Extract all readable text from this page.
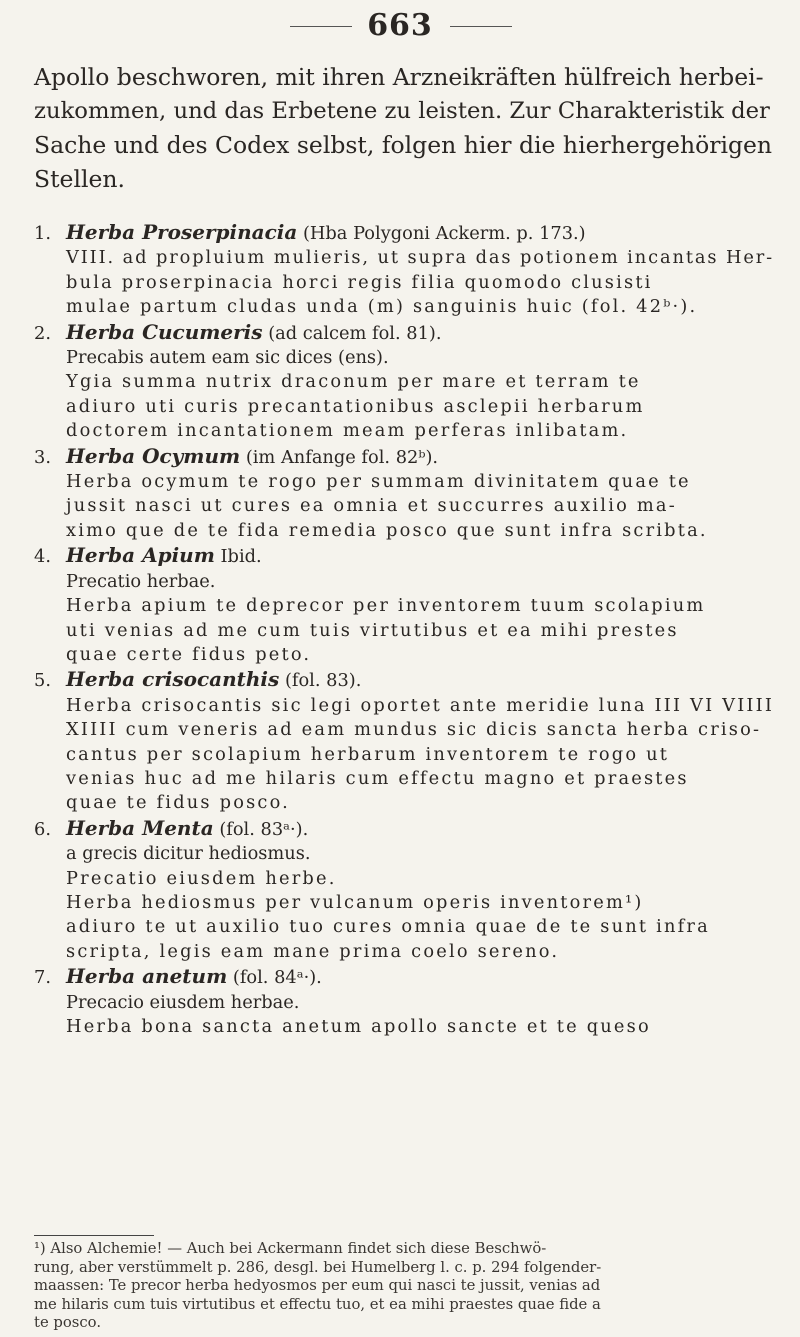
663
Apollo beschworen, mit ihren Arzneikräften hülfreich herbei-
zukommen, und das Erbetene zu leisten. Zur Charakteristik der
Sache und des Codex selbst, folgen hier die hierhergehörigen
Stellen.
1. Herba Proserpinacia (Hba Polygoni Ackerm. p. 173.)
VIII. ad propluium mulieris, ut supra das potionem incantas Her-
bula proserpinacia horci regis filia quomodo clusisti
mulae partum cludas unda (m) sanguinis huic (fol. 42ᵇ·).
2. Herba Cucumeris (ad calcem fol. 81).
Precabis autem eam sic dices (ens).
Ygia summa nutrix draconum per mare et terram te
adiuro uti curis precantationibus asclepii herbarum
doctorem incantationem meam perferas inlibatam.
3. Herba Ocymum (im Anfange fol. 82ᵇ).
Herba ocymum te rogo per summam divinitatem quae te
jussit nasci ut cures ea omnia et succurres auxilio ma-
ximo que de te fida remedia posco que sunt infra scribta.
4. Herba Apium Ibid.
Precatio herbae.
Herba apium te deprecor per inventorem tuum scolapium
uti venias ad me cum tuis virtutibus et ea mihi prestes
quae certe fidus peto.
5. Herba crisocanthis (fol. 83).
Herba crisocantis sic legi oportet ante meridie luna III VI VIIII
XIIII cum veneris ad eam mundus sic dicis sancta herba criso-
cantus per scolapium herbarum inventorem te rogo ut
venias huc ad me hilaris cum effectu magno et praestes
quae te fidus posco.
6. Herba Menta (fol. 83ᵃ·).
a grecis dicitur hediosmus.
Precatio eiusdem herbe.
Herba hediosmus per vulcanum operis inventorem¹)
adiuro te ut auxilio tuo cures omnia quae de te sunt infra
scripta, legis eam mane prima coelo sereno.
7. Herba anetum (fol. 84ᵃ·).
Precacio eiusdem herbae.
Herba bona sancta anetum apollo sancte et te queso
¹) Also Alchemie! — Auch bei Ackermann findet sich diese Beschwö-
rung, aber verstümmelt p. 286, desgl. bei Humelberg l. c. p. 294 folgender-
maassen: Te precor herba hedyosmos per eum qui nasci te jussit, venias ad
me hilaris cum tuis virtutibus et effectu tuo, et ea mihi praestes quae fide a
te posco.
